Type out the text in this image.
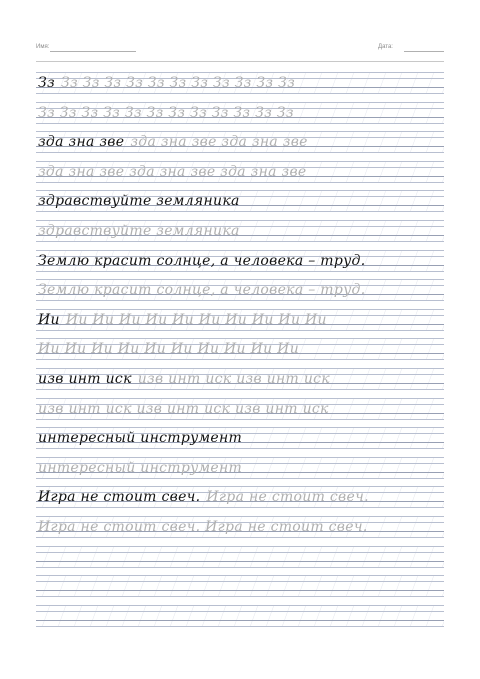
Имя:	Дата:
Зз Зз Зз Зз Зз Зз Зз Зз Зз Зз Зз Зз
Зз Зз Зз Зз Зз Зз Зз Зз Зз Зз Зз Зз
зда зна зве зда зна зве зда зна зве
зда зна зве зда зна зве зда зна зве
здравствуйте земляника
здравствуйте земляника
Землю красит солнце, а человека – труд.
Землю красит солнце, а человека – труд.
Ии Ии Ии Ии Ии Ии Ии Ии Ии Ии Ии
Ии Ии Ии Ии Ии Ии Ии Ии Ии Ии
изв инт иск изв инт иск изв инт иск
изв инт иск изв инт иск изв инт иск
интересный инструмент
интересный инструмент
Игра не стоит свеч. Игра не стоит свеч.
Игра не стоит свеч. Игра не стоит свеч.
